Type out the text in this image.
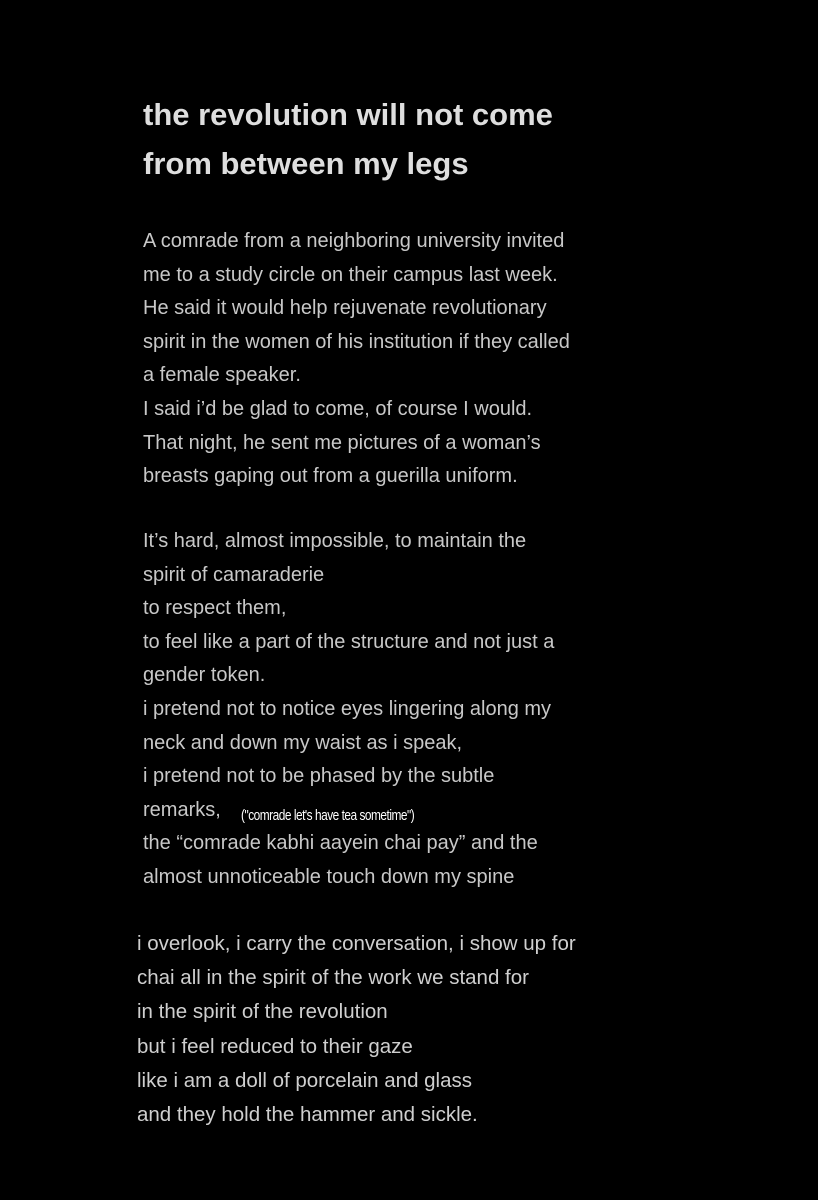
the revolution will not come
from between my legs
A comrade from a neighboring university invited
me to a study circle on their campus last week.
He said it would help rejuvenate revolutionary
spirit in the women of his institution if they called
a female speaker.
I said i’d be glad to come, of course I would.
That night, he sent me pictures of a woman’s
breasts gaping out from a guerilla uniform.
It’s hard, almost impossible, to maintain the
spirit of camaraderie
to respect them,
to feel like a part of the structure and not just a
gender token.
i pretend not to notice eyes lingering along my
neck and down my waist as i speak,
i pretend not to be phased by the subtle
remarks,
the “comrade kabhi aayein chai pay” and the
almost unnoticeable touch down my spine
("comrade let's have tea sometime")
i overlook, i carry the conversation, i show up for
chai all in the spirit of the work we stand for
in the spirit of the revolution
but i feel reduced to their gaze
like i am a doll of porcelain and glass
and they hold the hammer and sickle.
